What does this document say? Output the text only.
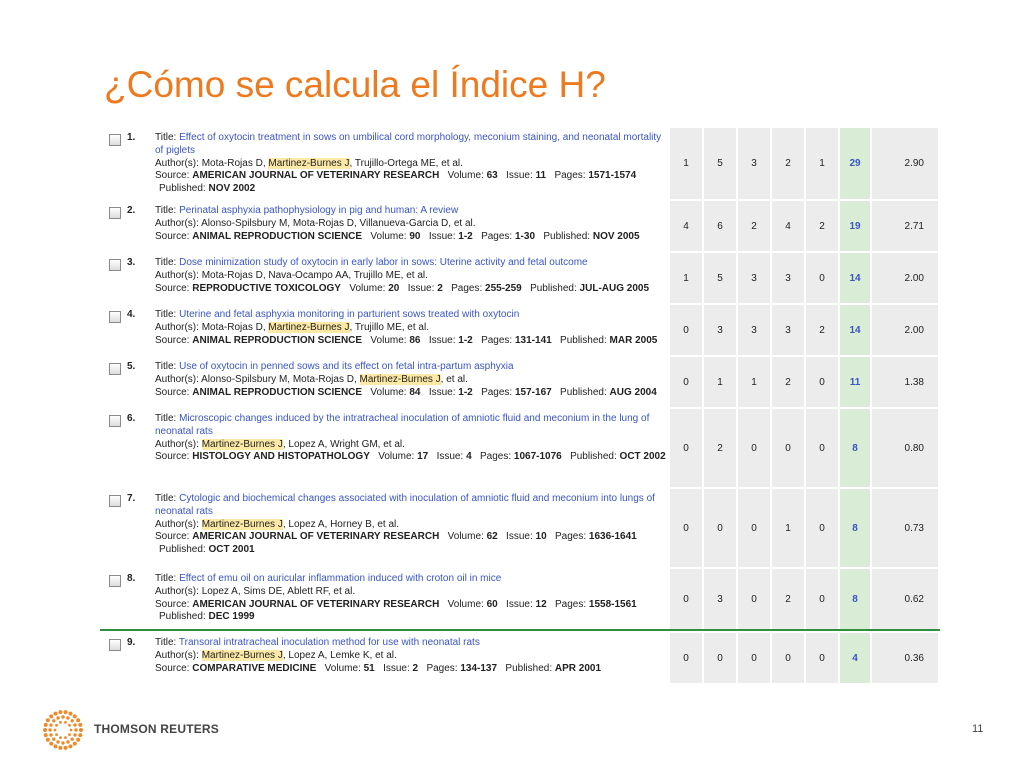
¿Cómo se calcula el Índice H?
1.	Title: Effect of oxytocin treatment in sows on umbilical cord morphology, meconium staining, and neonatal mortality of piglets
Author(s): Mota-Rojas D, Martinez-Burnes J, Trujillo-Ortega ME, et al.
Source: AMERICAN JOURNAL OF VETERINARY RESEARCH Volume: 63 Issue: 11 Pages: 1571-1574
Published: NOV 2002
1	5	3	2	1	29	2.90
2.	Title: Perinatal asphyxia pathophysiology in pig and human: A review
Author(s): Alonso-Spilsbury M, Mota-Rojas D, Villanueva-Garcia D, et al.
Source: ANIMAL REPRODUCTION SCIENCE Volume: 90 Issue: 1-2 Pages: 1-30 Published: NOV 2005
4	6	2	4	2	19	2.71
3.	Title: Dose minimization study of oxytocin in early labor in sows: Uterine activity and fetal outcome
Author(s): Mota-Rojas D, Nava-Ocampo AA, Trujillo ME, et al.
Source: REPRODUCTIVE TOXICOLOGY Volume: 20 Issue: 2 Pages: 255-259 Published: JUL-AUG 2005
1	5	3	3	0	14	2.00
4.	Title: Uterine and fetal asphyxia monitoring in parturient sows treated with oxytocin
Author(s): Mota-Rojas D, Martinez-Burnes J, Trujillo ME, et al.
Source: ANIMAL REPRODUCTION SCIENCE Volume: 86 Issue: 1-2 Pages: 131-141 Published: MAR 2005
0	3	3	3	2	14	2.00
5.	Title: Use of oxytocin in penned sows and its effect on fetal intra-partum asphyxia
Author(s): Alonso-Spilsbury M, Mota-Rojas D, Martinez-Burnes J, et al.
Source: ANIMAL REPRODUCTION SCIENCE Volume: 84 Issue: 1-2 Pages: 157-167 Published: AUG 2004
0	1	1	2	0	11	1.38
6.	Title: Microscopic changes induced by the intratracheal inoculation of amniotic fluid and meconium in the lung of neonatal rats
Author(s): Martinez-Burnes J, Lopez A, Wright GM, et al.
Source: HISTOLOGY AND HISTOPATHOLOGY Volume: 17 Issue: 4 Pages: 1067-1076 Published: OCT 2002
0	2	0	0	0	8	0.80
7.	Title: Cytologic and biochemical changes associated with inoculation of amniotic fluid and meconium into lungs of neonatal rats
Author(s): Martinez-Burnes J, Lopez A, Horney B, et al.
Source: AMERICAN JOURNAL OF VETERINARY RESEARCH Volume: 62 Issue: 10 Pages: 1636-1641
Published: OCT 2001
0	0	0	1	0	8	0.73
8.	Title: Effect of emu oil on auricular inflammation induced with croton oil in mice
Author(s): Lopez A, Sims DE, Ablett RF, et al.
Source: AMERICAN JOURNAL OF VETERINARY RESEARCH Volume: 60 Issue: 12 Pages: 1558-1561
Published: DEC 1999
0	3	0	2	0	8	0.62
9.	Title: Transoral intratracheal inoculation method for use with neonatal rats
Author(s): Martinez-Burnes J, Lopez A, Lemke K, et al.
Source: COMPARATIVE MEDICINE Volume: 51 Issue: 2 Pages: 134-137 Published: APR 2001
0	0	0	0	0	4	0.36
THOMSON REUTERS	11
